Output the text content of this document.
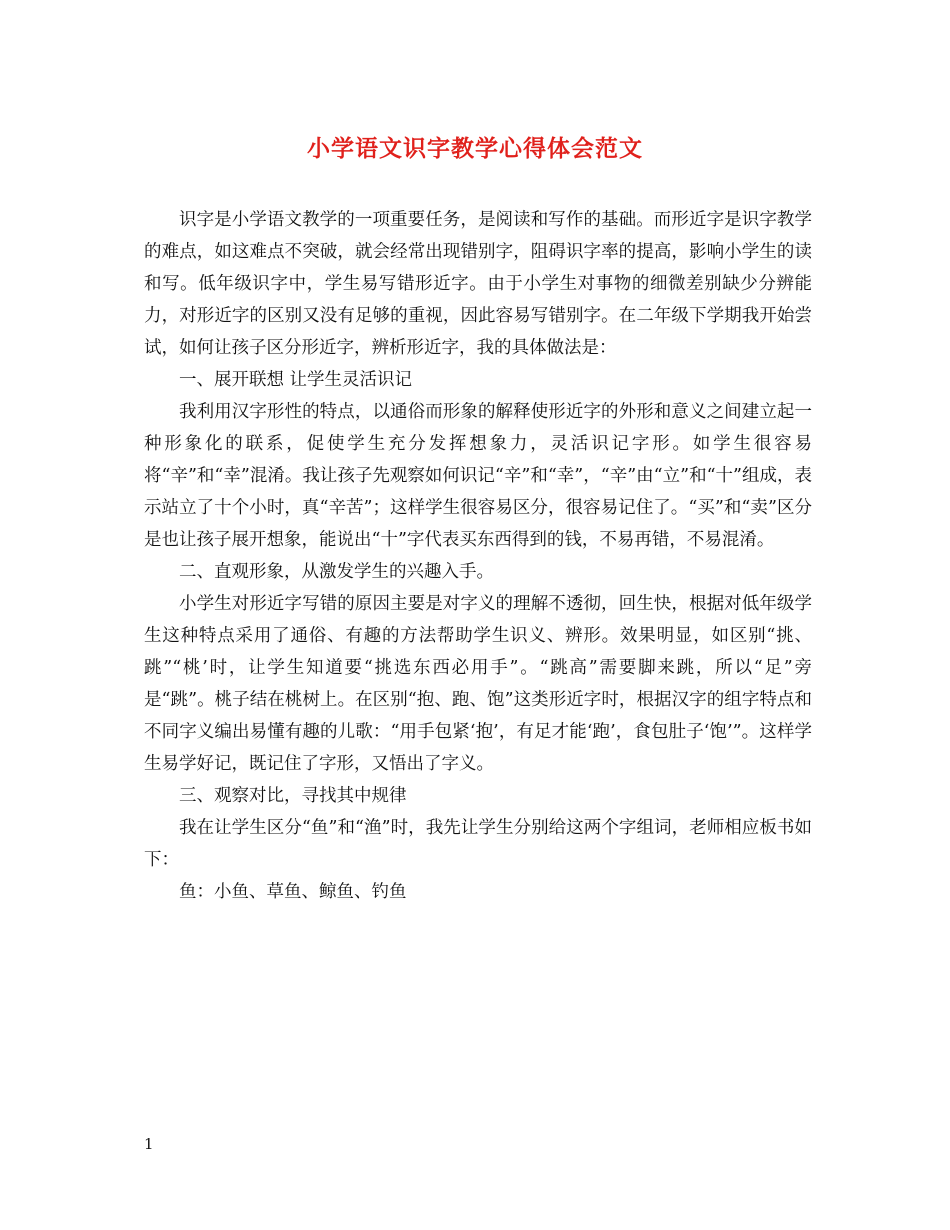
小学语文识字教学心得体会范文

识字是小学语文教学的一项重要任务，是阅读和写作的基础。而形近字是识字教学的难点，如这难点不突破，就会经常出现错别字，阻碍识字率的提高，影响小学生的读和写。低年级识字中，学生易写错形近字。由于小学生对事物的细微差别缺少分辨能力，对形近字的区别又没有足够的重视，因此容易写错别字。在二年级下学期我开始尝试，如何让孩子区分形近字，辨析形近字，我的具体做法是：

一、展开联想 让学生灵活识记

我利用汉字形性的特点，以通俗而形象的解释使形近字的外形和意义之间建立起一种形象化的联系，促使学生充分发挥想象力，灵活识记字形。如学生很容易将“辛”和“幸”混淆。我让孩子先观察如何识记“辛”和“幸”，“辛”由“立”和“十”组成，表示站立了十个小时，真“辛苦”；这样学生很容易区分，很容易记住了。“买”和“卖”区分是也让孩子展开想象，能说出“十”字代表买东西得到的钱，不易再错，不易混淆。

二、直观形象，从激发学生的兴趣入手。

小学生对形近字写错的原因主要是对字义的理解不透彻，回生快，根据对低年级学生这种特点采用了通俗、有趣的方法帮助学生识义、辨形。效果明显，如区别“挑、跳”“桃’时，让学生知道要“挑选东西必用手”。“跳高”需要脚来跳，所以“足”旁是“跳”。桃子结在桃树上。在区别“抱、跑、饱”这类形近字时，根据汉字的组字特点和不同字义编出易懂有趣的儿歌：“用手包紧‘抱’，有足才能‘跑’，食包肚子‘饱’”。这样学生易学好记，既记住了字形，又悟出了字义。

三、观察对比，寻找其中规律

我在让学生区分“鱼”和“渔”时，我先让学生分别给这两个字组词，老师相应板书如下：

鱼：小鱼、草鱼、鲸鱼、钓鱼

1
